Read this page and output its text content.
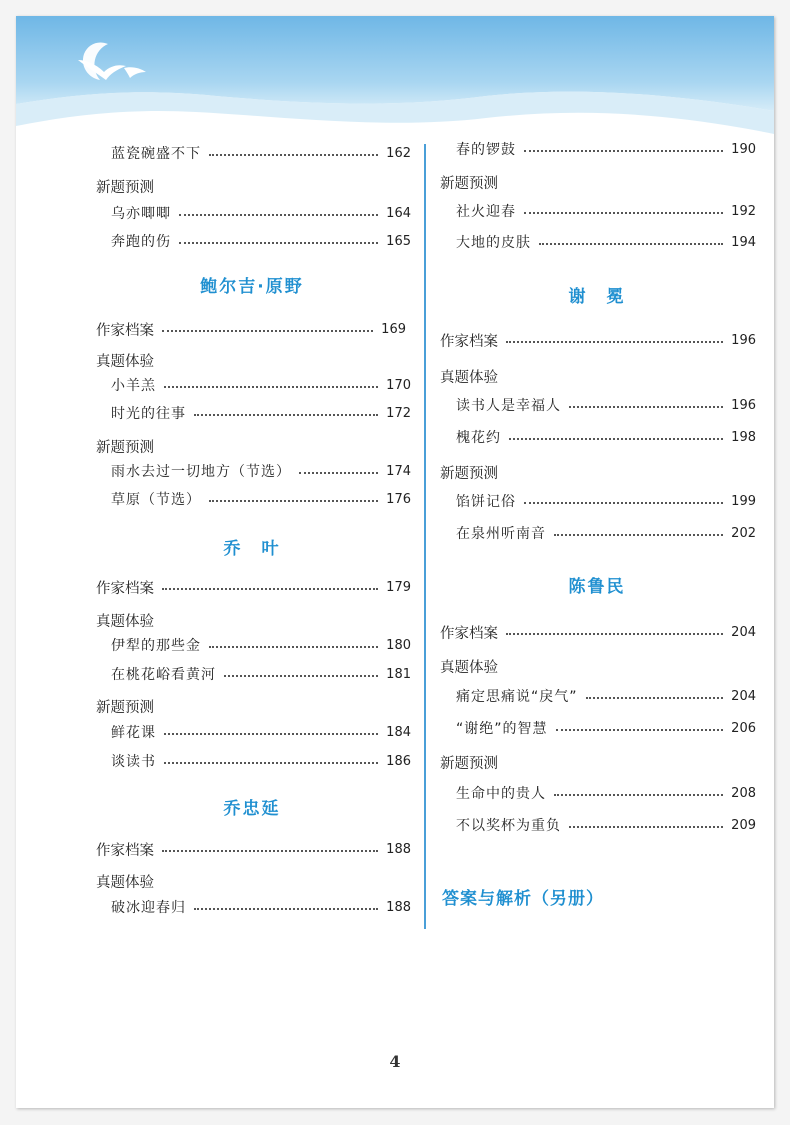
蓝瓷碗盛不下	162
新题预测
乌亦唧唧	164
奔跑的伤	165
鲍尔吉·原野
作家档案	169
真题体验
小羊羔	170
时光的往事	172
新题预测
雨水去过一切地方（节选）	174
草原（节选）	176
乔　叶
作家档案	179
真题体验
伊犁的那些金	180
在桃花峪看黄河	181
新题预测
鲜花课	184
谈读书	186
乔忠延
作家档案	188
真题体验
破冰迎春归	188
春的锣鼓	190
新题预测
社火迎春	192
大地的皮肤	194
谢　冕
作家档案	196
真题体验
读书人是幸福人	196
槐花约	198
新题预测
馅饼记俗	199
在泉州听南音	202
陈鲁民
作家档案	204
真题体验
痛定思痛说“戾气”	204
“谢绝”的智慧	206
新题预测
生命中的贵人	208
不以奖杯为重负	209
答案与解析（另册）
4
